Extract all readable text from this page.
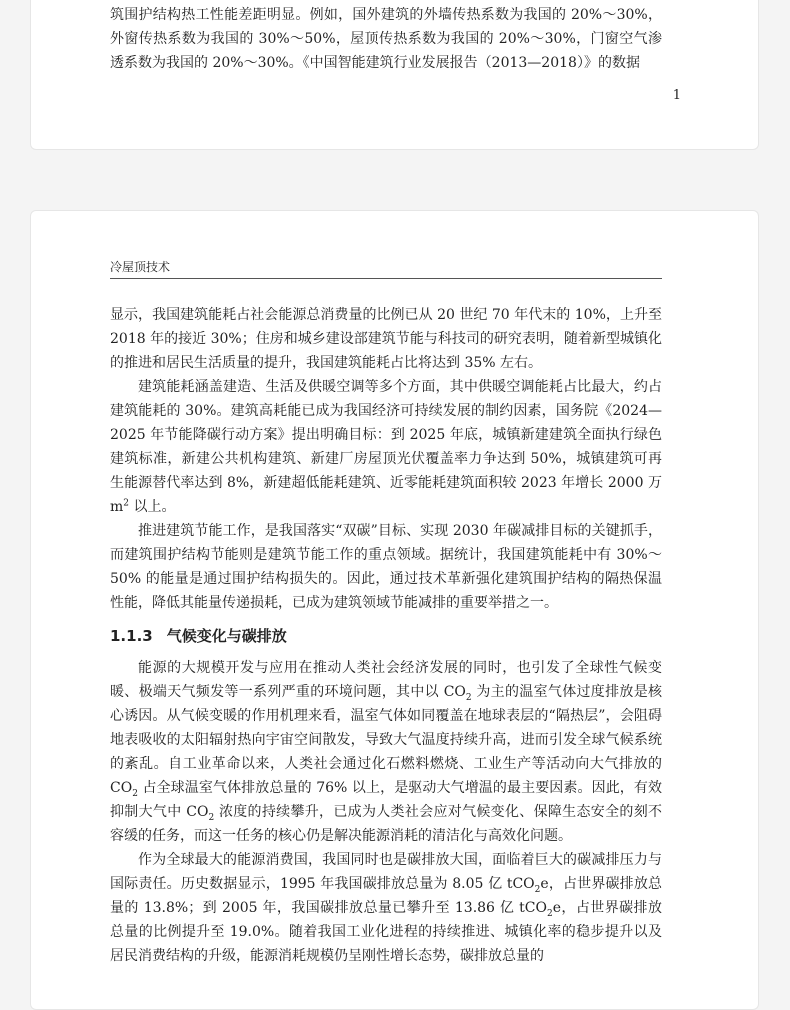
筑围护结构热工性能差距明显。例如，国外建筑的外墙传热系数为我国的 20%～30%，外窗传热系数为我国的 30%～50%，屋顶传热系数为我国的 20%～30%，门窗空气渗透系数为我国的 20%～30%。《中国智能建筑行业发展报告（2013—2018）》的数据

1
冷屋顶技术

显示，我国建筑能耗占社会能源总消费量的比例已从 20 世纪 70 年代末的 10%，上升至 2018 年的接近 30%；住房和城乡建设部建筑节能与科技司的研究表明，随着新型城镇化的推进和居民生活质量的提升，我国建筑能耗占比将达到 35% 左右。

建筑能耗涵盖建造、生活及供暖空调等多个方面，其中供暖空调能耗占比最大，约占建筑能耗的 30%。建筑高耗能已成为我国经济可持续发展的制约因素，国务院《2024—2025 年节能降碳行动方案》提出明确目标：到 2025 年底，城镇新建建筑全面执行绿色建筑标准，新建公共机构建筑、新建厂房屋顶光伏覆盖率力争达到 50%，城镇建筑可再生能源替代率达到 8%，新建超低能耗建筑、近零能耗建筑面积较 2023 年增长 2000 万 $m^2$ 以上。

推进建筑节能工作，是我国落实“双碳”目标、实现 2030 年碳减排目标的关键抓手，而建筑围护结构节能则是建筑节能工作的重点领域。据统计，我国建筑能耗中有 30%～50% 的能量是通过围护结构损失的。因此，通过技术革新强化建筑围护结构的隔热保温性能，降低其能量传递损耗，已成为建筑领域节能减排的重要举措之一。

1.1.3 气候变化与碳排放

能源的大规模开发与应用在推动人类社会经济发展的同时，也引发了全球性气候变暖、极端天气频发等一系列严重的环境问题，其中以 $CO_2$ 为主的温室气体过度排放是核心诱因。从气候变暖的作用机理来看，温室气体如同覆盖在地球表层的“隔热层”，会阻碍地表吸收的太阳辐射热向宇宙空间散发，导致大气温度持续升高，进而引发全球气候系统的紊乱。自工业革命以来，人类社会通过化石燃料燃烧、工业生产等活动向大气排放的 $CO_2$ 占全球温室气体排放总量的 76% 以上，是驱动大气增温的最主要因素。因此，有效抑制大气中 $CO_2$ 浓度的持续攀升，已成为人类社会应对气候变化、保障生态安全的刻不容缓的任务，而这一任务的核心仍是解决能源消耗的清洁化与高效化问题。

作为全球最大的能源消费国，我国同时也是碳排放大国，面临着巨大的碳减排压力与国际责任。历史数据显示，1995 年我国碳排放总量为 8.05 亿 tCO$_2$e，占世界碳排放总量的 13.8%；到 2005 年，我国碳排放总量已攀升至 13.86 亿 tCO$_2$e，占世界碳排放总量的比例提升至 19.0%。随着我国工业化进程的持续推进、城镇化率的稳步提升以及居民消费结构的升级，能源消耗规模仍呈刚性增长态势，碳排放总量的
